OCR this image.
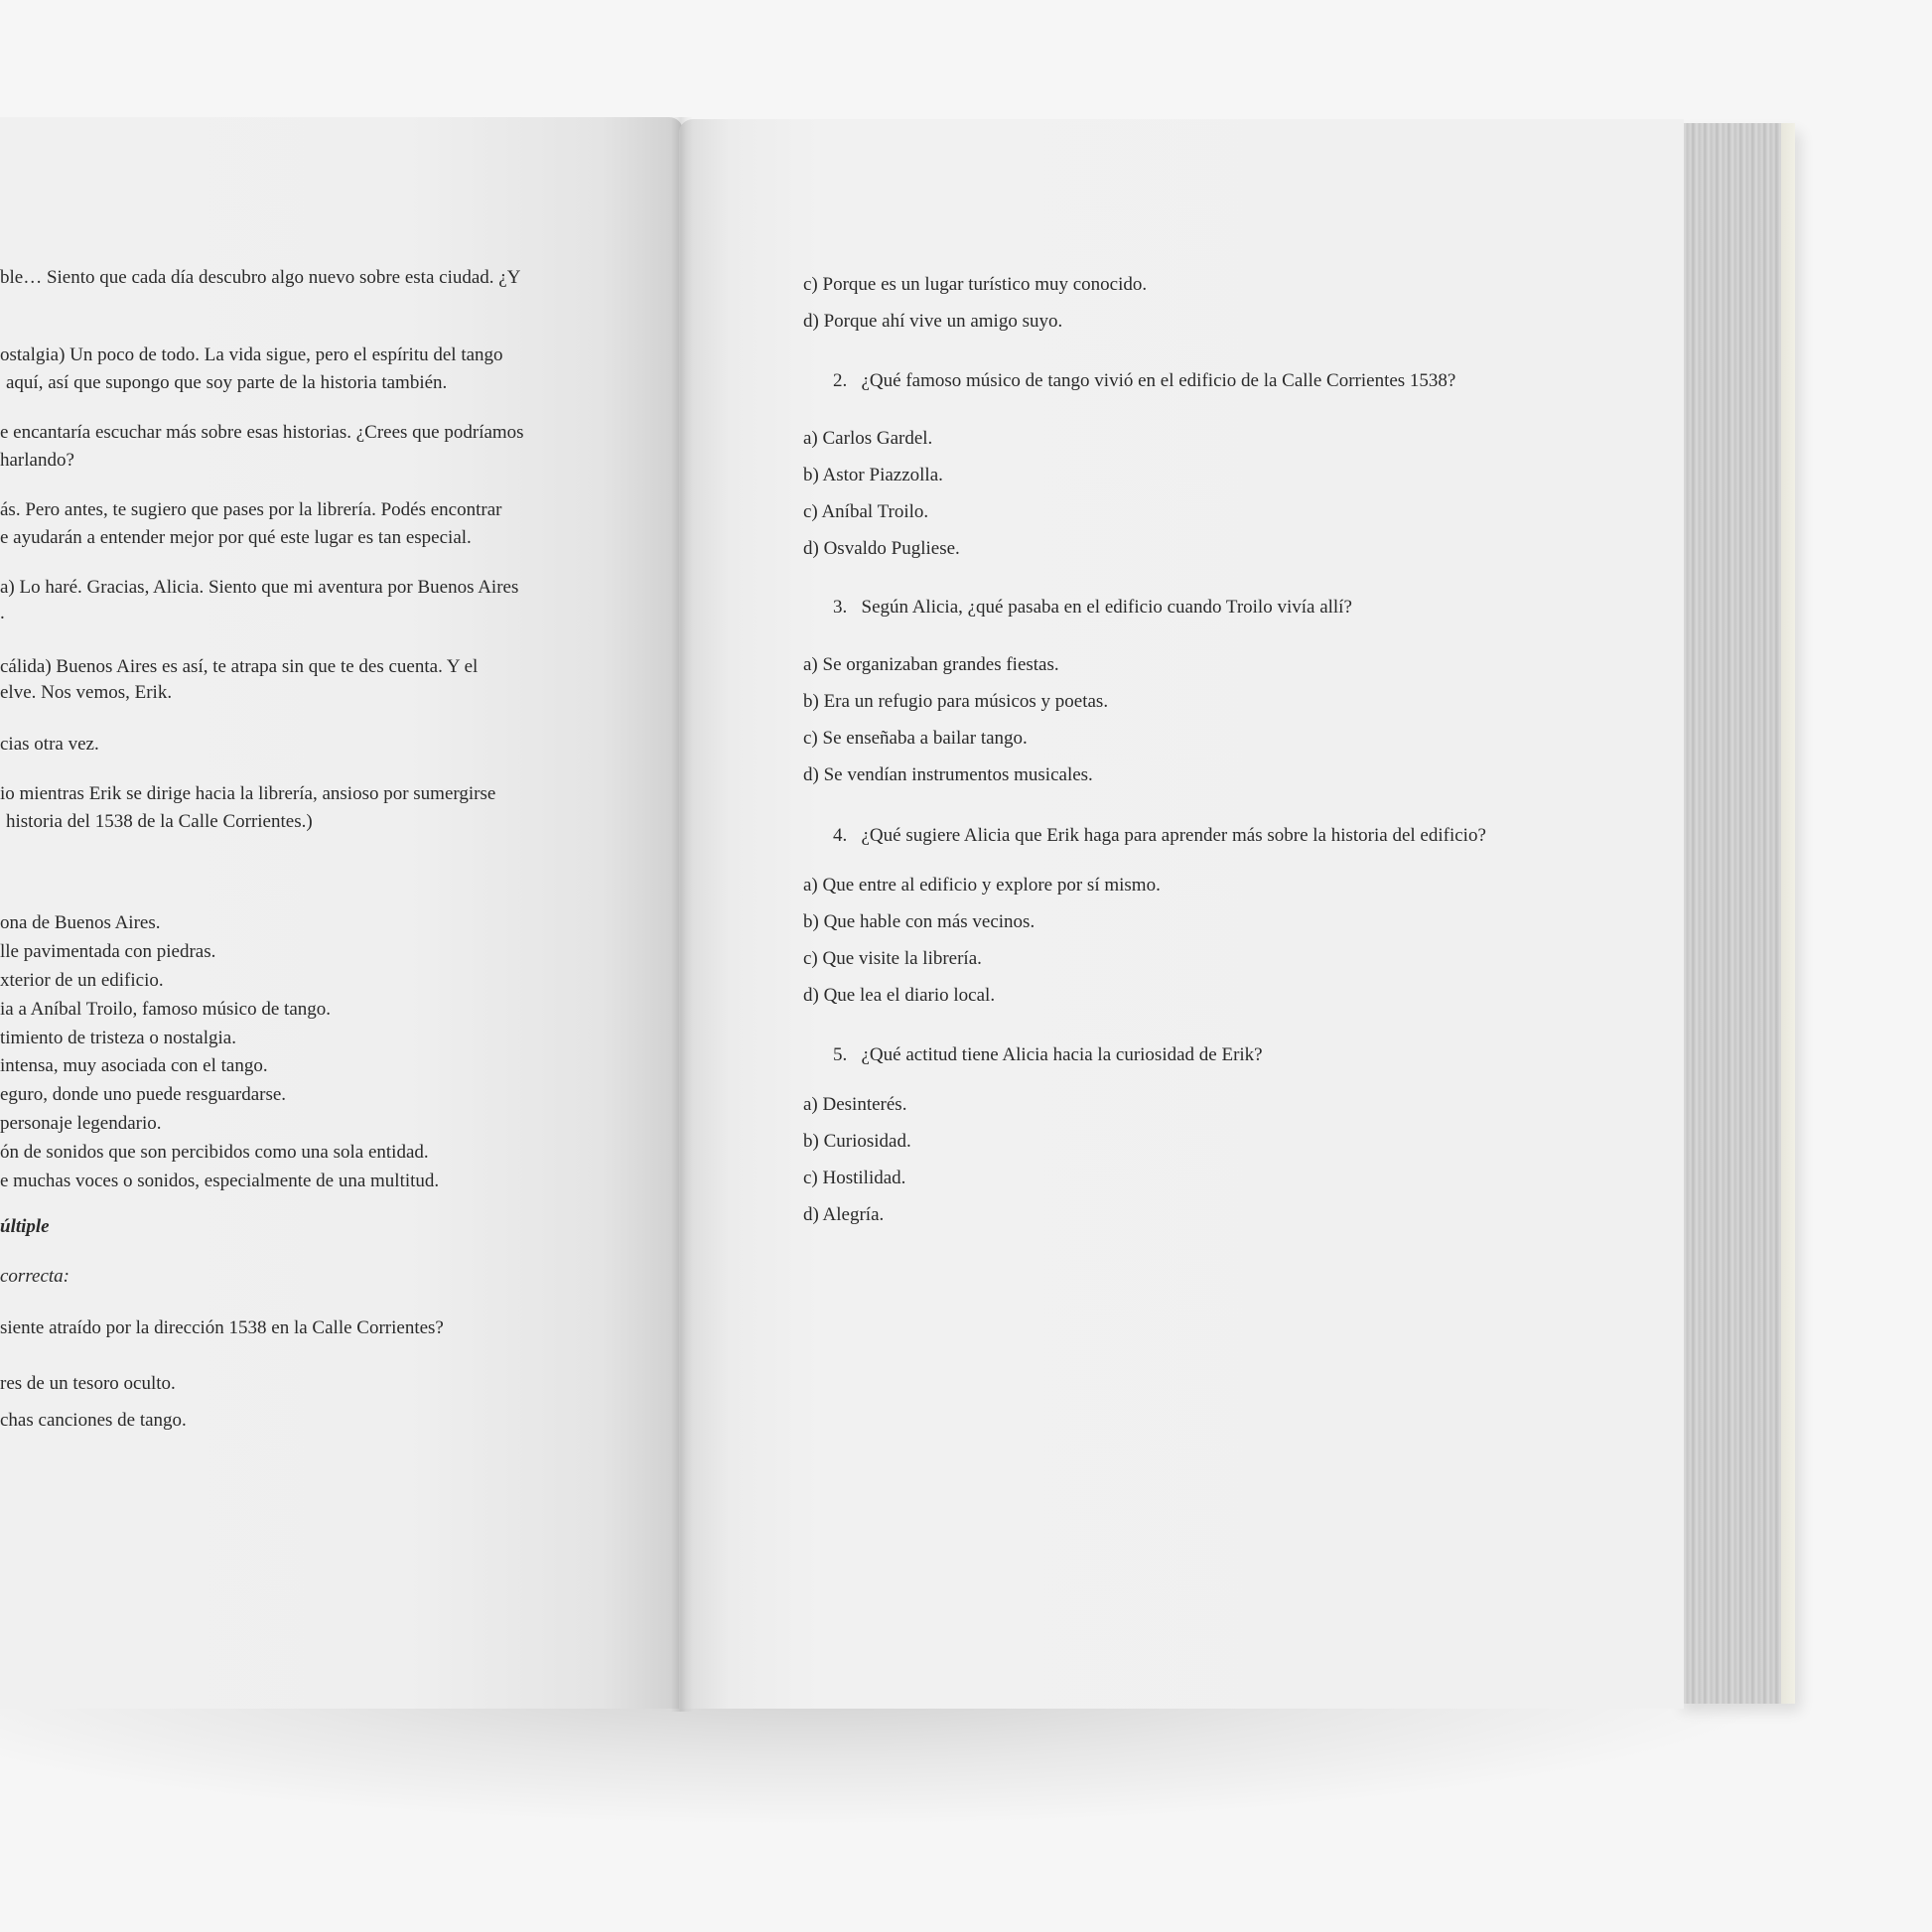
ble… Siento que cada día descubro algo nuevo sobre esta ciudad. ¿Y
ostalgia) Un poco de todo. La vida sigue, pero el espíritu del tango
aquí, así que supongo que soy parte de la historia también.
e encantaría escuchar más sobre esas historias. ¿Crees que podríamos
harlando?
ás. Pero antes, te sugiero que pases por la librería. Podés encontrar
e ayudarán a entender mejor por qué este lugar es tan especial.
a) Lo haré. Gracias, Alicia. Siento que mi aventura por Buenos Aires
.
cálida) Buenos Aires es así, te atrapa sin que te des cuenta. Y el
elve. Nos vemos, Erik.
cias otra vez.
io mientras Erik se dirige hacia la librería, ansioso por sumergirse
historia del 1538 de la Calle Corrientes.)
ona de Buenos Aires.
lle pavimentada con piedras.
xterior de un edificio.
ia a Aníbal Troilo, famoso músico de tango.
timiento de tristeza o nostalgia.
intensa, muy asociada con el tango.
eguro, donde uno puede resguardarse.
personaje legendario.
ón de sonidos que son percibidos como una sola entidad.
e muchas voces o sonidos, especialmente de una multitud.
últiple
correcta:
siente atraído por la dirección 1538 en la Calle Corrientes?
res de un tesoro oculto.
chas canciones de tango.
c) Porque es un lugar turístico muy conocido.
d) Porque ahí vive un amigo suyo.
2.   ¿Qué famoso músico de tango vivió en el edificio de la Calle Corrientes 1538?
a) Carlos Gardel.
b) Astor Piazzolla.
c) Aníbal Troilo.
d) Osvaldo Pugliese.
3.   Según Alicia, ¿qué pasaba en el edificio cuando Troilo vivía allí?
a) Se organizaban grandes fiestas.
b) Era un refugio para músicos y poetas.
c) Se enseñaba a bailar tango.
d) Se vendían instrumentos musicales.
4.   ¿Qué sugiere Alicia que Erik haga para aprender más sobre la historia del edificio?
a) Que entre al edificio y explore por sí mismo.
b) Que hable con más vecinos.
c) Que visite la librería.
d) Que lea el diario local.
5.   ¿Qué actitud tiene Alicia hacia la curiosidad de Erik?
a) Desinterés.
b) Curiosidad.
c) Hostilidad.
d) Alegría.
